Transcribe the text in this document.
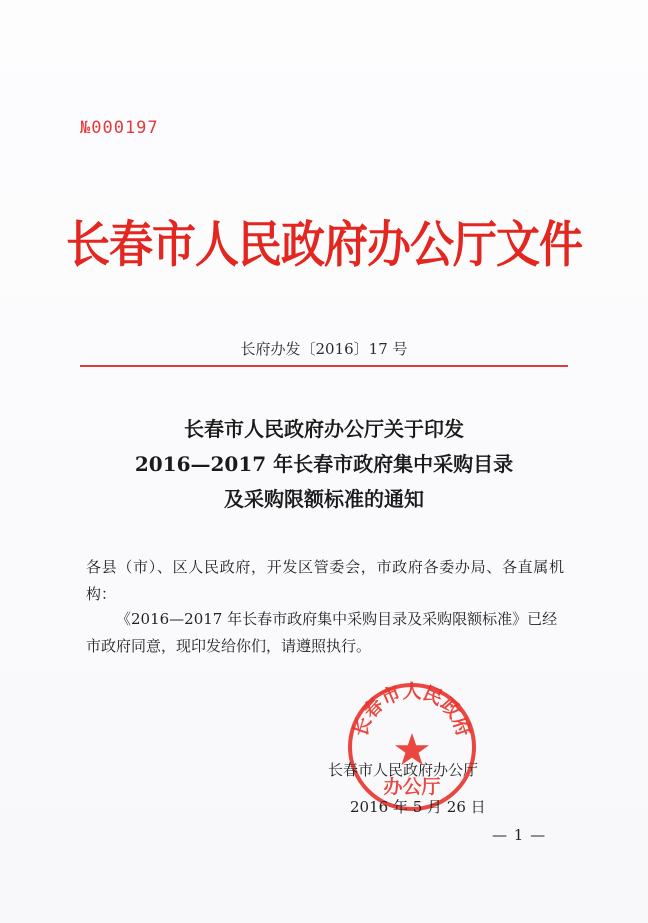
№000197
长春市人民政府办公厅文件
长府办发〔2016〕17 号
长春市人民政府办公厅关于印发
2016—2017 年长春市政府集中采购目录
及采购限额标准的通知
各县（市）、区人民政府，开发区管委会，市政府各委办局、各直属机构：
《2016—2017 年长春市政府集中采购目录及采购限额标准》已经市政府同意，现印发给你们，请遵照执行。
长春市人民政府
办公厅
长春市人民政府办公厅
2016 年 5 月 26 日
— 1 —
